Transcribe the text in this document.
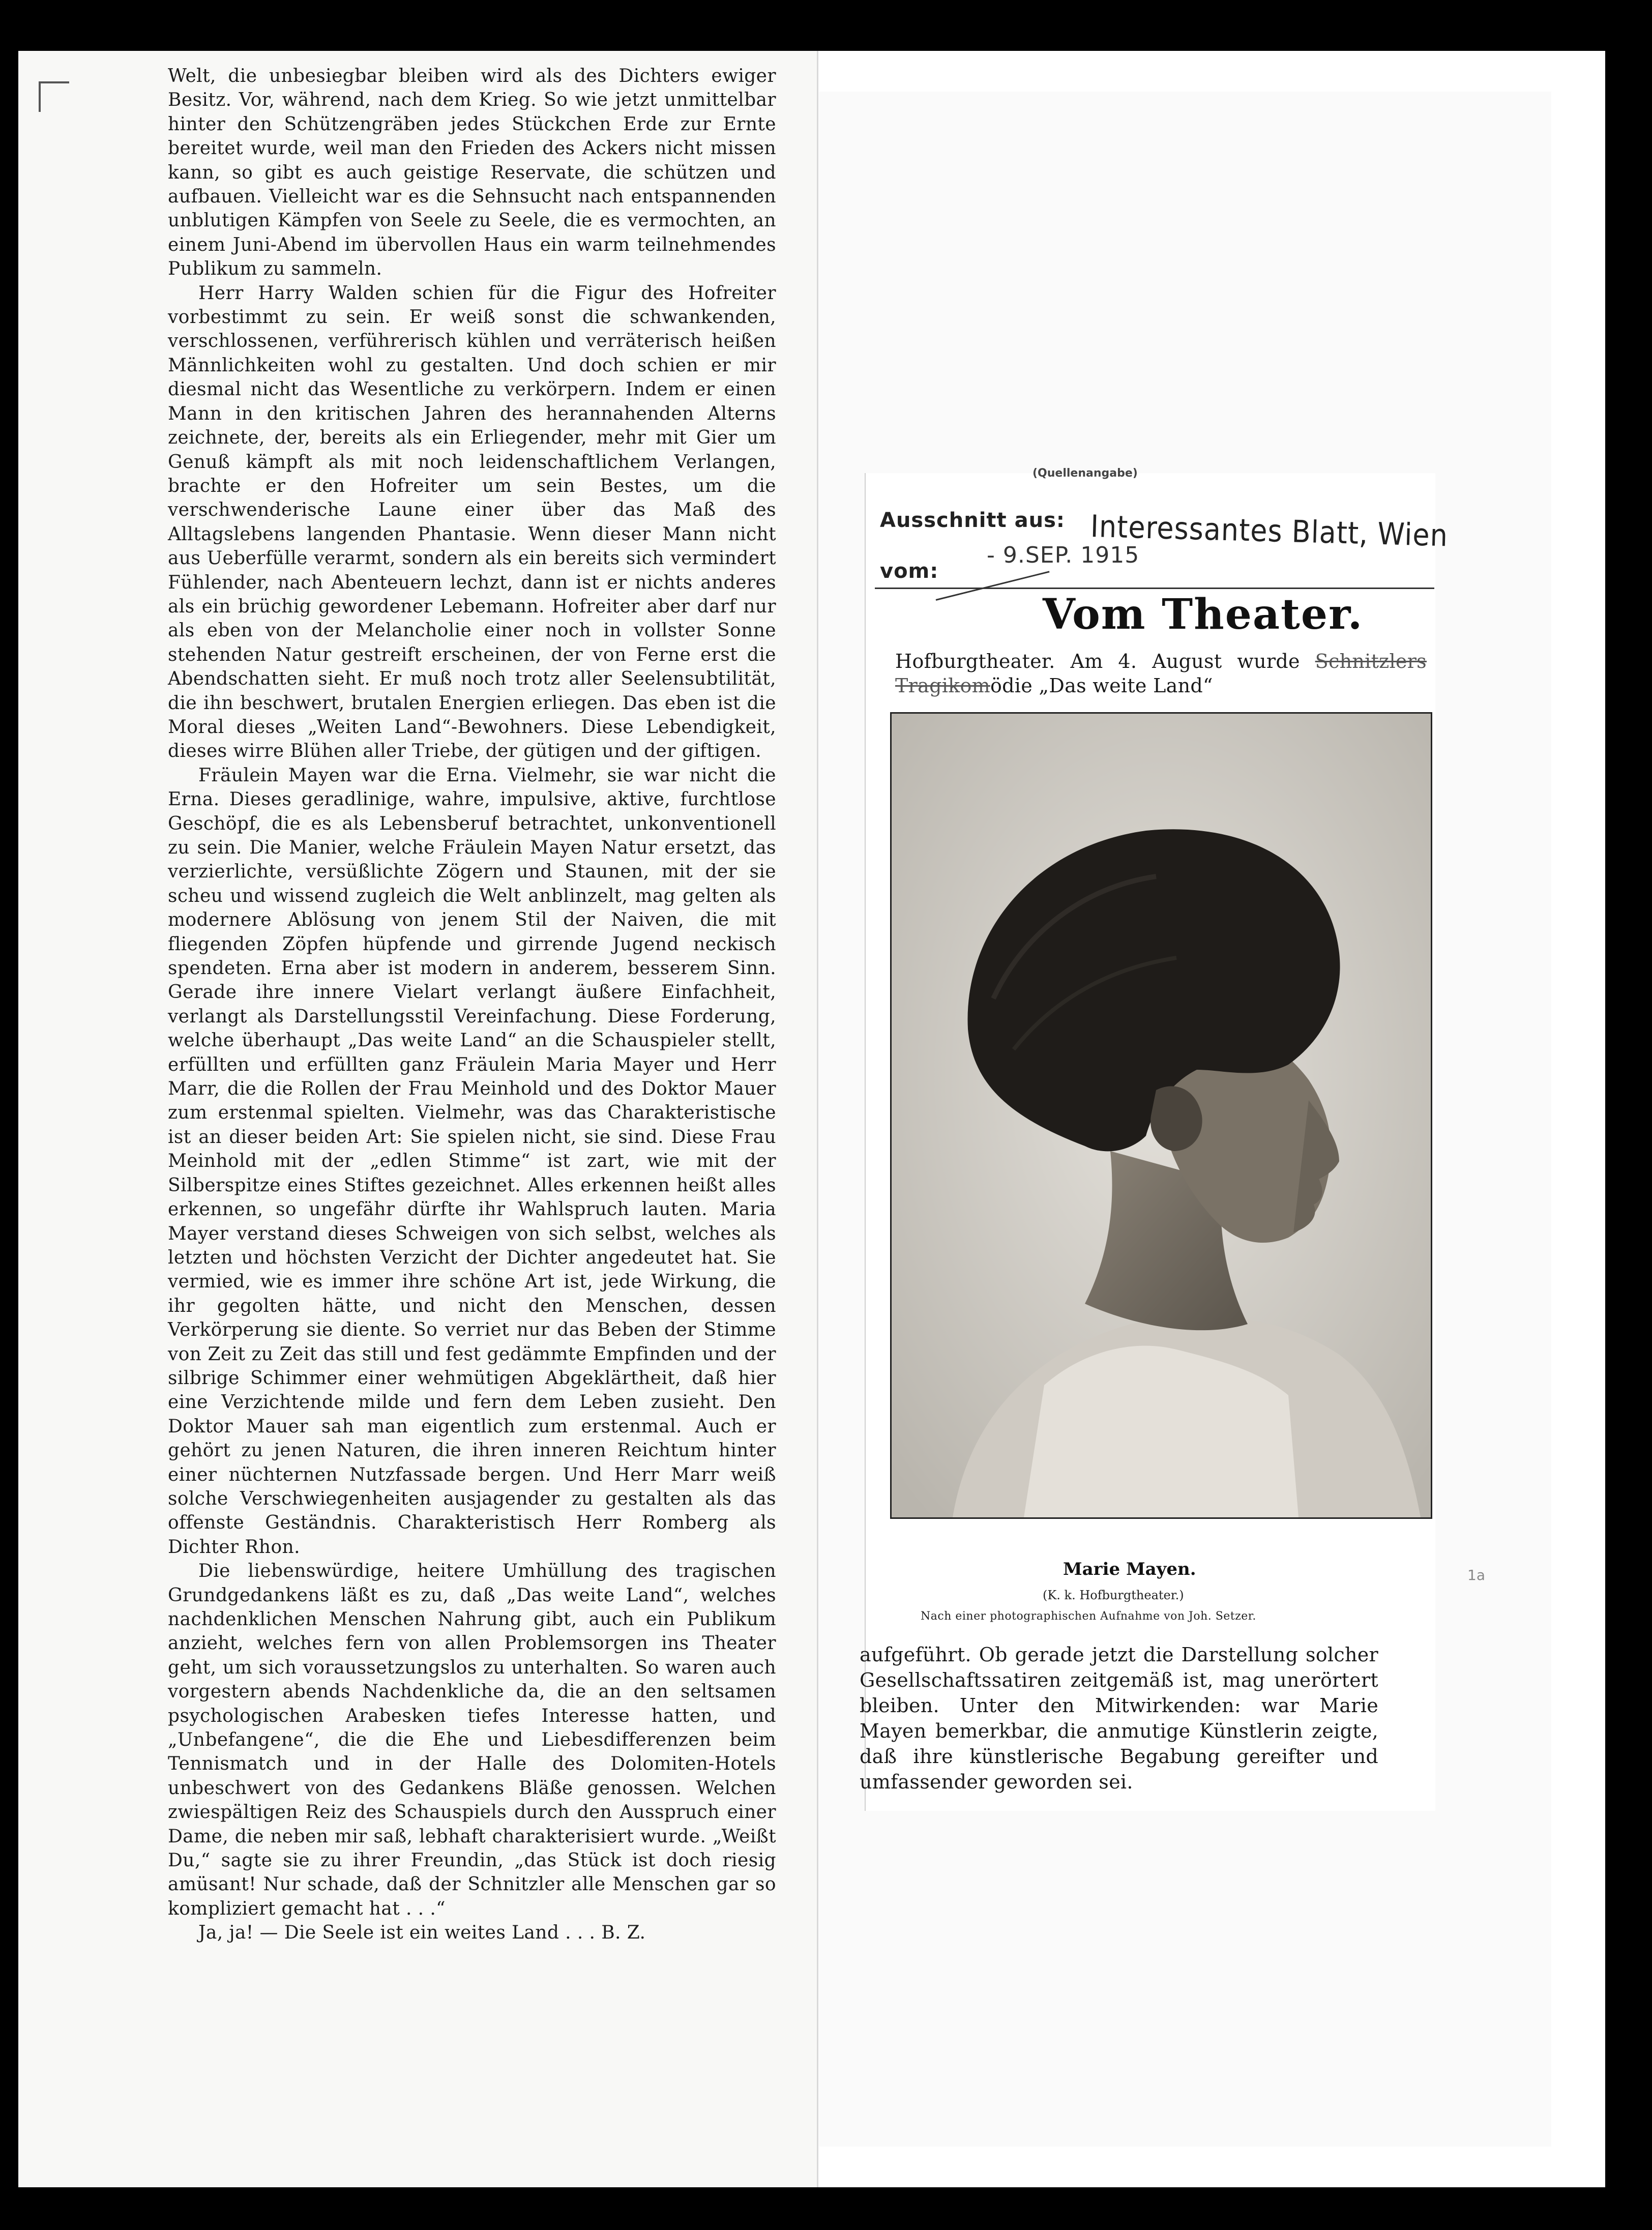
Welt, die unbesiegbar bleiben wird als des Dichters ewiger Besitz. Vor, während, nach dem Krieg. So wie jetzt unmittelbar hinter den Schützengräben jedes Stückchen Erde zur Ernte bereitet wurde, weil man den Frieden des Ackers nicht missen kann, so gibt es auch geistige Reservate, die schützen und aufbauen. Vielleicht war es die Sehnsucht nach entspannenden unblutigen Kämpfen von Seele zu Seele, die es vermochten, an einem Juni-Abend im übervollen Haus ein warm teilnehmendes Publikum zu sammeln.

Herr Harry Walden schien für die Figur des Hofreiter vorbestimmt zu sein. Er weiß sonst die schwankenden, verschlossenen, verführerisch kühlen und verräterisch heißen Männlichkeiten wohl zu gestalten. Und doch schien er mir diesmal nicht das Wesentliche zu verkörpern. Indem er einen Mann in den kritischen Jahren des herannahenden Alterns zeichnete, der, bereits als ein Erliegender, mehr mit Gier um Genuß kämpft als mit noch leidenschaftlichem Verlangen, brachte er den Hofreiter um sein Bestes, um die verschwenderische Laune einer über das Maß des Alltagslebens langenden Phantasie. Wenn dieser Mann nicht aus Ueberfülle verarmt, sondern als ein bereits sich vermindert Fühlender, nach Abenteuern lechzt, dann ist er nichts anderes als ein brüchig gewordener Lebemann. Hofreiter aber darf nur als eben von der Melancholie einer noch in vollster Sonne stehenden Natur gestreift erscheinen, der von Ferne erst die Abendschatten sieht. Er muß noch trotz aller Seelensubtilität, die ihn beschwert, brutalen Energien erliegen. Das eben ist die Moral dieses „Weiten Land“-Bewohners. Diese Lebendigkeit, dieses wirre Blühen aller Triebe, der gütigen und der giftigen.

Fräulein Mayen war die Erna. Vielmehr, sie war nicht die Erna. Dieses geradlinige, wahre, impulsive, aktive, furchtlose Geschöpf, die es als Lebensberuf betrachtet, unkonventionell zu sein. Die Manier, welche Fräulein Mayen Natur ersetzt, das verzierlichte, versüßlichte Zögern und Staunen, mit der sie scheu und wissend zugleich die Welt anblinzelt, mag gelten als modernere Ablösung von jenem Stil der Naiven, die mit fliegenden Zöpfen hüpfende und girrende Jugend neckisch spendeten. Erna aber ist modern in anderem, besserem Sinn. Gerade ihre innere Vielart verlangt äußere Einfachheit, verlangt als Darstellungsstil Vereinfachung. Diese Forderung, welche überhaupt „Das weite Land“ an die Schauspieler stellt, erfüllten und erfüllten ganz Fräulein Maria Mayer und Herr Marr, die die Rollen der Frau Meinhold und des Doktor Mauer zum erstenmal spielten. Vielmehr, was das Charakteristische ist an dieser beiden Art: Sie spielen nicht, sie sind. Diese Frau Meinhold mit der „edlen Stimme“ ist zart, wie mit der Silberspitze eines Stiftes gezeichnet. Alles erkennen heißt alles erkennen, so ungefähr dürfte ihr Wahlspruch lauten. Maria Mayer verstand dieses Schweigen von sich selbst, welches als letzten und höchsten Verzicht der Dichter angedeutet hat. Sie vermied, wie es immer ihre schöne Art ist, jede Wirkung, die ihr gegolten hätte, und nicht den Menschen, dessen Verkörperung sie diente. So verriet nur das Beben der Stimme von Zeit zu Zeit das still und fest gedämmte Empfinden und der silbrige Schimmer einer wehmütigen Abgeklärtheit, daß hier eine Verzichtende milde und fern dem Leben zusieht. Den Doktor Mauer sah man eigentlich zum erstenmal. Auch er gehört zu jenen Naturen, die ihren inneren Reichtum hinter einer nüchternen Nutzfassade bergen. Und Herr Marr weiß solche Verschwiegenheiten ausjagender zu gestalten als das offenste Geständnis. Charakteristisch Herr Romberg als Dichter Rhon.

Die liebenswürdige, heitere Umhüllung des tragischen Grundgedankens läßt es zu, daß „Das weite Land“, welches nachdenklichen Menschen Nahrung gibt, auch ein Publikum anzieht, welches fern von allen Problemsorgen ins Theater geht, um sich voraussetzungslos zu unterhalten. So waren auch vorgestern abends Nachdenkliche da, die an den seltsamen psychologischen Arabesken tiefes Interesse hatten, und „Unbefangene“, die die Ehe und Liebesdifferenzen beim Tennismatch und in der Halle des Dolomiten-Hotels unbeschwert von des Gedankens Bläße genossen. Welchen zwiespältigen Reiz des Schauspiels durch den Ausspruch einer Dame, die neben mir saß, lebhaft charakterisiert wurde. „Weißt Du,“ sagte sie zu ihrer Freundin, „das Stück ist doch riesig amüsant! Nur schade, daß der Schnitzler alle Menschen gar so kompliziert gemacht hat . . .“

Ja, ja! — Die Seele ist ein weites Land . . . B. Z.
(Quellenangabe)
Ausschnitt aus: Interessantes Blatt, Wien
vom:
- 9.SEP. 1915
Vom Theater.
Hofburgtheater. Am 4. August wurde Schnitzlers Tragikomödie „Das weite Land“
Marie Mayen.
(K. k. Hofburgtheater.)
Nach einer photographischen Aufnahme von Joh. Setzer.
aufgeführt. Ob gerade jetzt die Darstellung solcher Gesellschaftssatiren zeitgemäß ist, mag unerörtert bleiben. Unter den Mitwirkenden: war Marie Mayen bemerkbar, die anmutige Künstlerin zeigte, daß ihre künstlerische Begabung gereifter und umfassender geworden sei.
1a
